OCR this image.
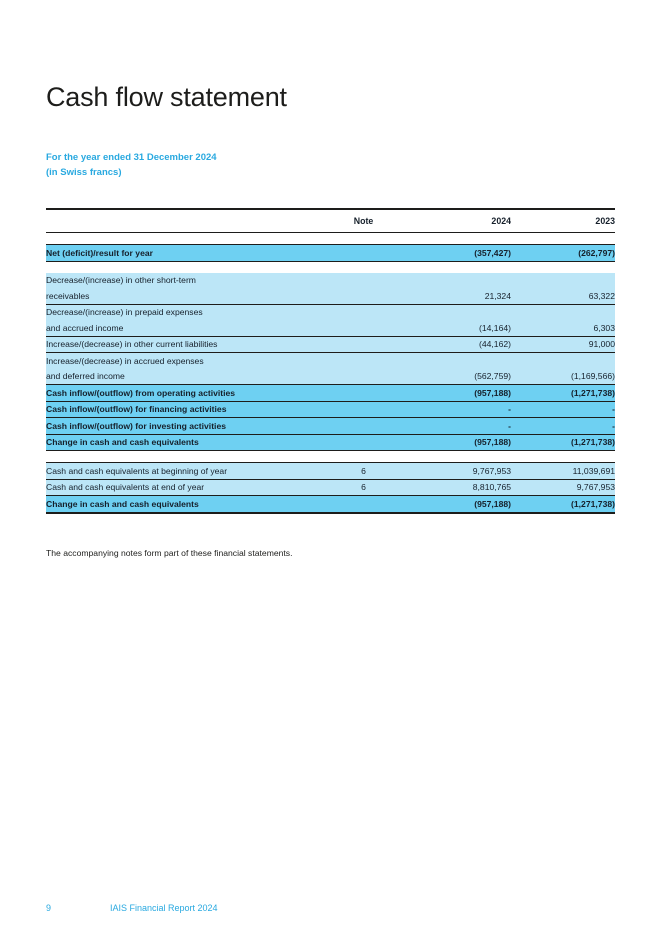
Cash flow statement
For the year ended 31 December 2024
(in Swiss francs)

	Note	2024	2023

Net (deficit)/result for year		(357,427)	(262,797)

Decrease/(increase) in other short-term			
receivables		21,324	63,322
Decrease/(increase) in prepaid expenses			
and accrued income		(14,164)	6,303
Increase/(decrease) in other current liabilities		(44,162)	91,000
Increase/(decrease) in accrued expenses			
and deferred income		(562,759)	(1,169,566)
Cash inflow/(outflow) from operating activities		(957,188)	(1,271,738)
Cash inflow/(outflow) for financing activities		-	-
Cash inflow/(outflow) for investing activities		-	-
Change in cash and cash equivalents		(957,188)	(1,271,738)

Cash and cash equivalents at beginning of year	6	9,767,953	11,039,691
Cash and cash equivalents at end of year	6	8,810,765	9,767,953
Change in cash and cash equivalents		(957,188)	(1,271,738)
The accompanying notes form part of these financial statements.
9	IAIS Financial Report 2024
